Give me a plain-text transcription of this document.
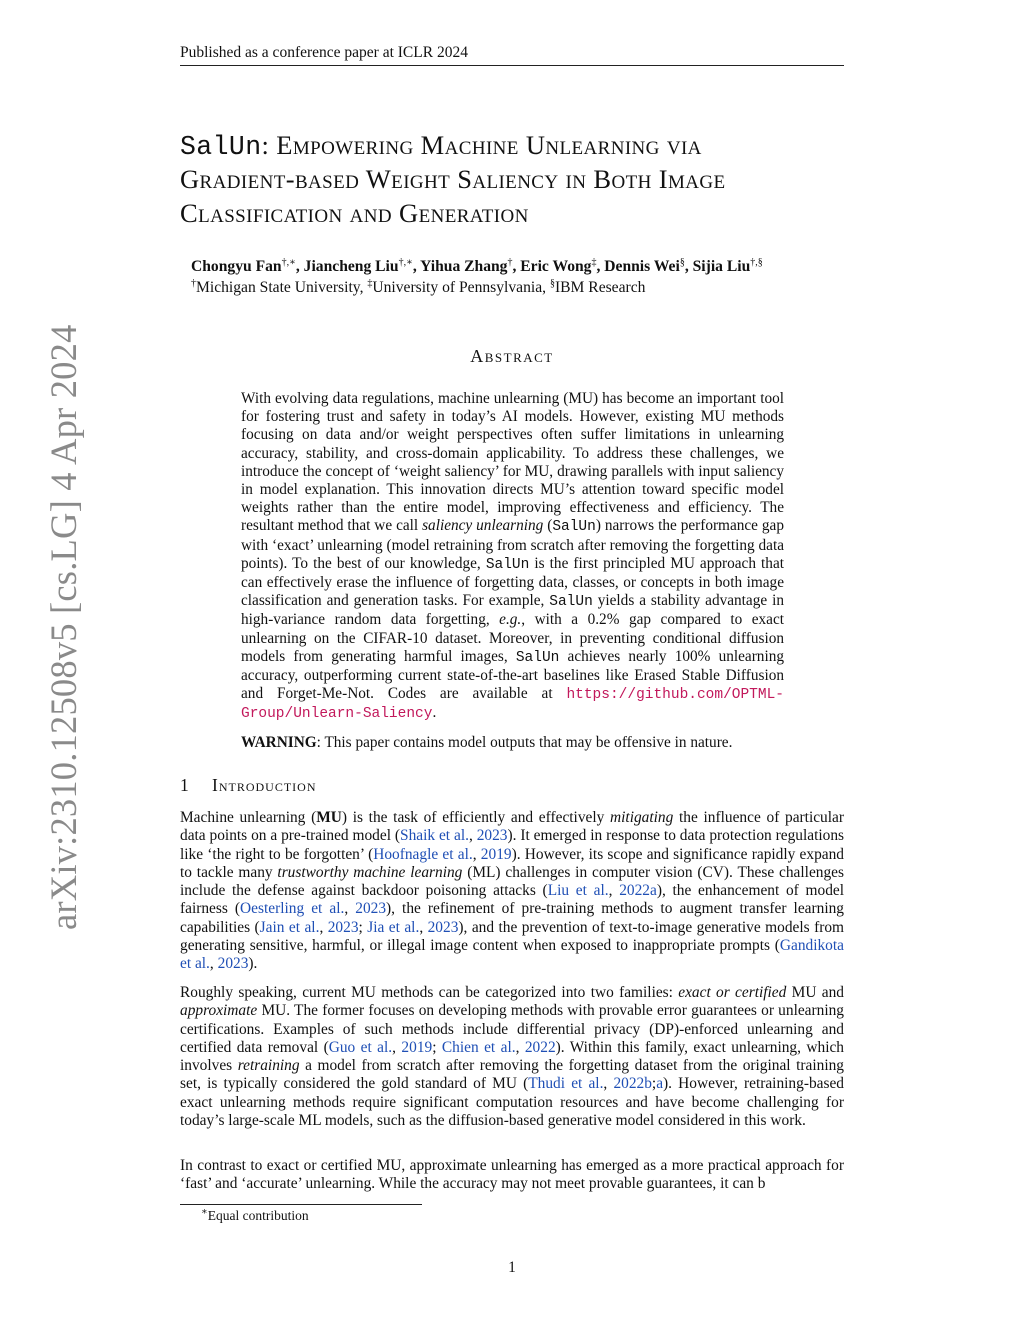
Published as a conference paper at ICLR 2024
arXiv:2310.12508v5 [cs.LG] 4 Apr 2024
SalUn: Empowering Machine Unlearning via
Gradient-based Weight Saliency in Both Image
Classification and Generation
Chongyu Fan†,∗, Jiancheng Liu†,∗, Yihua Zhang†, Eric Wong‡, Dennis Wei§, Sijia Liu†,§
†Michigan State University, ‡University of Pennsylvania, §IBM Research
Abstract
With evolving data regulations, machine unlearning (MU) has become an important tool for fostering trust and safety in today’s AI models. However, existing MU methods focusing on data and/or weight perspectives often suffer limitations in unlearning accuracy, stability, and cross-domain applicability. To address these challenges, we introduce the concept of ‘weight saliency’ for MU, drawing parallels with input saliency in model explanation. This innovation directs MU’s attention toward specific model weights rather than the entire model, improving effectiveness and efficiency. The resultant method that we call saliency unlearning (SalUn) narrows the performance gap with ‘exact’ unlearning (model retraining from scratch after removing the forgetting data points). To the best of our knowledge, SalUn is the first principled MU approach that can effectively erase the influence of forgetting data, classes, or concepts in both image classification and generation tasks. For example, SalUn yields a stability advantage in high-variance random data forgetting, e.g., with a 0.2% gap compared to exact unlearning on the CIFAR-10 dataset. Moreover, in preventing conditional diffusion models from generating harmful images, SalUn achieves nearly 100% unlearning accuracy, outperforming current state-of-the-art baselines like Erased Stable Diffusion and Forget-Me-Not. Codes are available at https://github.com/OPTML-Group/Unlearn-Saliency.
WARNING: This paper contains model outputs that may be offensive in nature.
1 Introduction
Machine unlearning (MU) is the task of efficiently and effectively mitigating the influence of particular data points on a pre-trained model (Shaik et al., 2023). It emerged in response to data protection regulations like ‘the right to be forgotten’ (Hoofnagle et al., 2019). However, its scope and significance rapidly expand to tackle many trustworthy machine learning (ML) challenges in computer vision (CV). These challenges include the defense against backdoor poisoning attacks (Liu et al., 2022a), the enhancement of model fairness (Oesterling et al., 2023), the refinement of pre-training methods to augment transfer learning capabilities (Jain et al., 2023; Jia et al., 2023), and the prevention of text-to-image generative models from generating sensitive, harmful, or illegal image content when exposed to inappropriate prompts (Gandikota et al., 2023).
Roughly speaking, current MU methods can be categorized into two families: exact or certified MU and approximate MU. The former focuses on developing methods with provable error guarantees or unlearning certifications. Examples of such methods include differential privacy (DP)-enforced unlearning and certified data removal (Guo et al., 2019; Chien et al., 2022). Within this family, exact unlearning, which involves retraining a model from scratch after removing the forgetting dataset from the original training set, is typically considered the gold standard of MU (Thudi et al., 2022b;a). However, retraining-based exact unlearning methods require significant computation resources and have become challenging for today’s large-scale ML models, such as the diffusion-based generative model considered in this work.
In contrast to exact or certified MU, approximate unlearning has emerged as a more practical approach for ‘fast’ and ‘accurate’ unlearning. While the accuracy may not meet provable guarantees, it can b
∗Equal contribution
1
